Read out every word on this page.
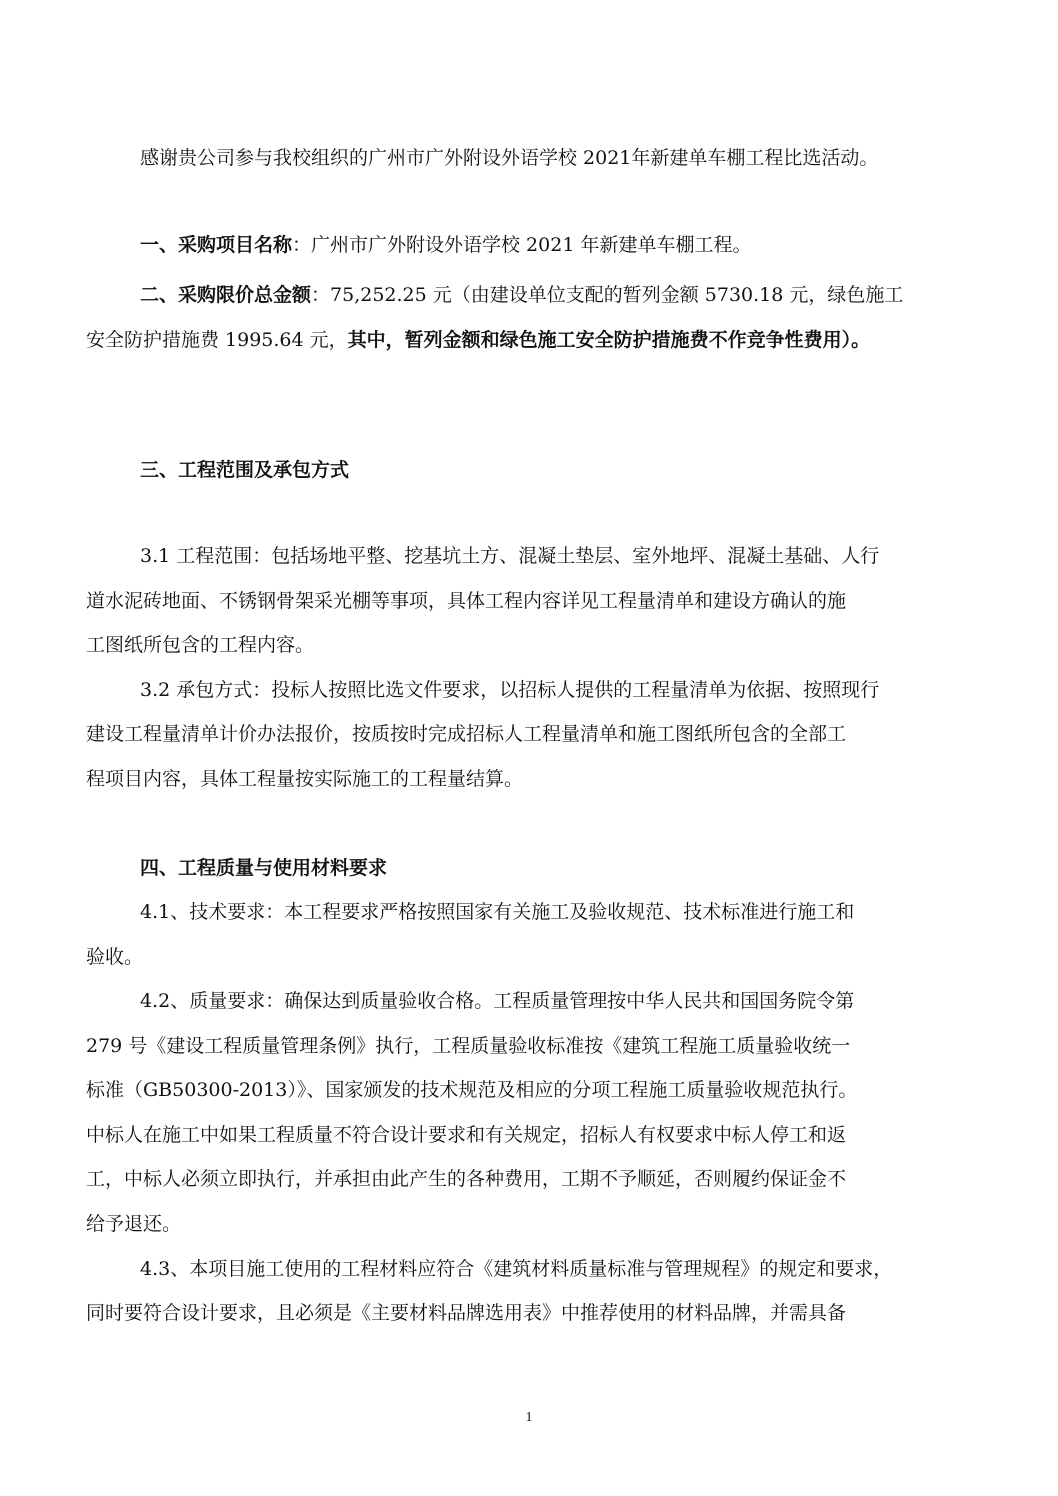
感谢贵公司参与我校组织的广州市广外附设外语学校 2021年新建单车棚工程比选活动。
一、采购项目名称：广州市广外附设外语学校 2021 年新建单车棚工程。
二、采购限价总金额：75,252.25 元（由建设单位支配的暂列金额 5730.18 元，绿色施工
安全防护措施费 1995.64 元，其中，暂列金额和绿色施工安全防护措施费不作竞争性费用）。
三、工程范围及承包方式
3.1 工程范围：包括场地平整、挖基坑土方、混凝土垫层、室外地坪、混凝土基础、人行
道水泥砖地面、不锈钢骨架采光棚等事项，具体工程内容详见工程量清单和建设方确认的施
工图纸所包含的工程内容。
3.2 承包方式：投标人按照比选文件要求，以招标人提供的工程量清单为依据、按照现行
建设工程量清单计价办法报价，按质按时完成招标人工程量清单和施工图纸所包含的全部工
程项目内容，具体工程量按实际施工的工程量结算。
四、工程质量与使用材料要求
4.1、技术要求：本工程要求严格按照国家有关施工及验收规范、技术标准进行施工和
验收。
4.2、质量要求：确保达到质量验收合格。工程质量管理按中华人民共和国国务院令第
279 号《建设工程质量管理条例》执行，工程质量验收标准按《建筑工程施工质量验收统一
标准（GB50300-2013）》、国家颁发的技术规范及相应的分项工程施工质量验收规范执行。
中标人在施工中如果工程质量不符合设计要求和有关规定，招标人有权要求中标人停工和返
工，中标人必须立即执行，并承担由此产生的各种费用，工期不予顺延，否则履约保证金不
给予退还。
4.3、本项目施工使用的工程材料应符合《建筑材料质量标准与管理规程》的规定和要求，
同时要符合设计要求，且必须是《主要材料品牌选用表》中推荐使用的材料品牌，并需具备
1
